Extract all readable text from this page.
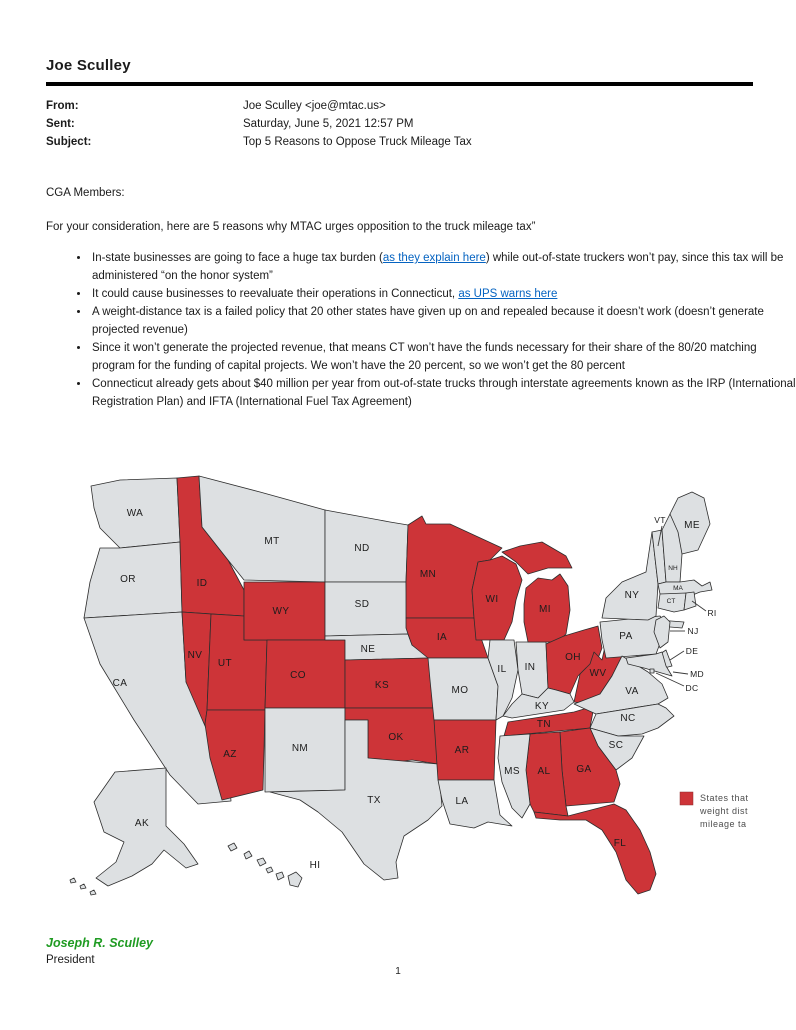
Joe Sculley
From:	Joe Sculley <joe@mtac.us>
Sent:	Saturday, June 5, 2021 12:57 PM
Subject:	Top 5 Reasons to Oppose Truck Mileage Tax
CGA Members:
For your consideration, here are 5 reasons why MTAC urges opposition to the truck mileage tax”
• In-state businesses are going to face a huge tax burden (as they explain here) while out-of-state truckers won’t pay, since this tax will be administered “on the honor system”
• It could cause businesses to reevaluate their operations in Connecticut, as UPS warns here
• A weight-distance tax is a failed policy that 20 other states have given up on and repealed because it doesn’t work (doesn’t generate projected revenue)
• Since it won’t generate the projected revenue, that means CT won’t have the funds necessary for their share of the 80/20 matching program for the funding of capital projects. We won’t have the 20 percent, so we won’t get the 80 percent
• Connecticut already gets about $40 million per year from out-of-state trucks through interstate agreements known as the IRP (International Registration Plan) and IFTA (International Fuel Tax Agreement)
WA
OR
CA
ID
NV
UT
AZ
MT
WY
CO
NM
ND
SD
NE
KS
OK
TX
MN
IA
MO
AR
LA
WI
IL IN
MI
OH
KY
TN
WV
PA
VA
NC
SC
GA
AL
MS
FL
NY
ME
VT
NH
MA
CT
RI
NJ
DE
MD
DC
AK
HI
States that
weight dist
mileage ta
Joseph R. Sculley
President
1
